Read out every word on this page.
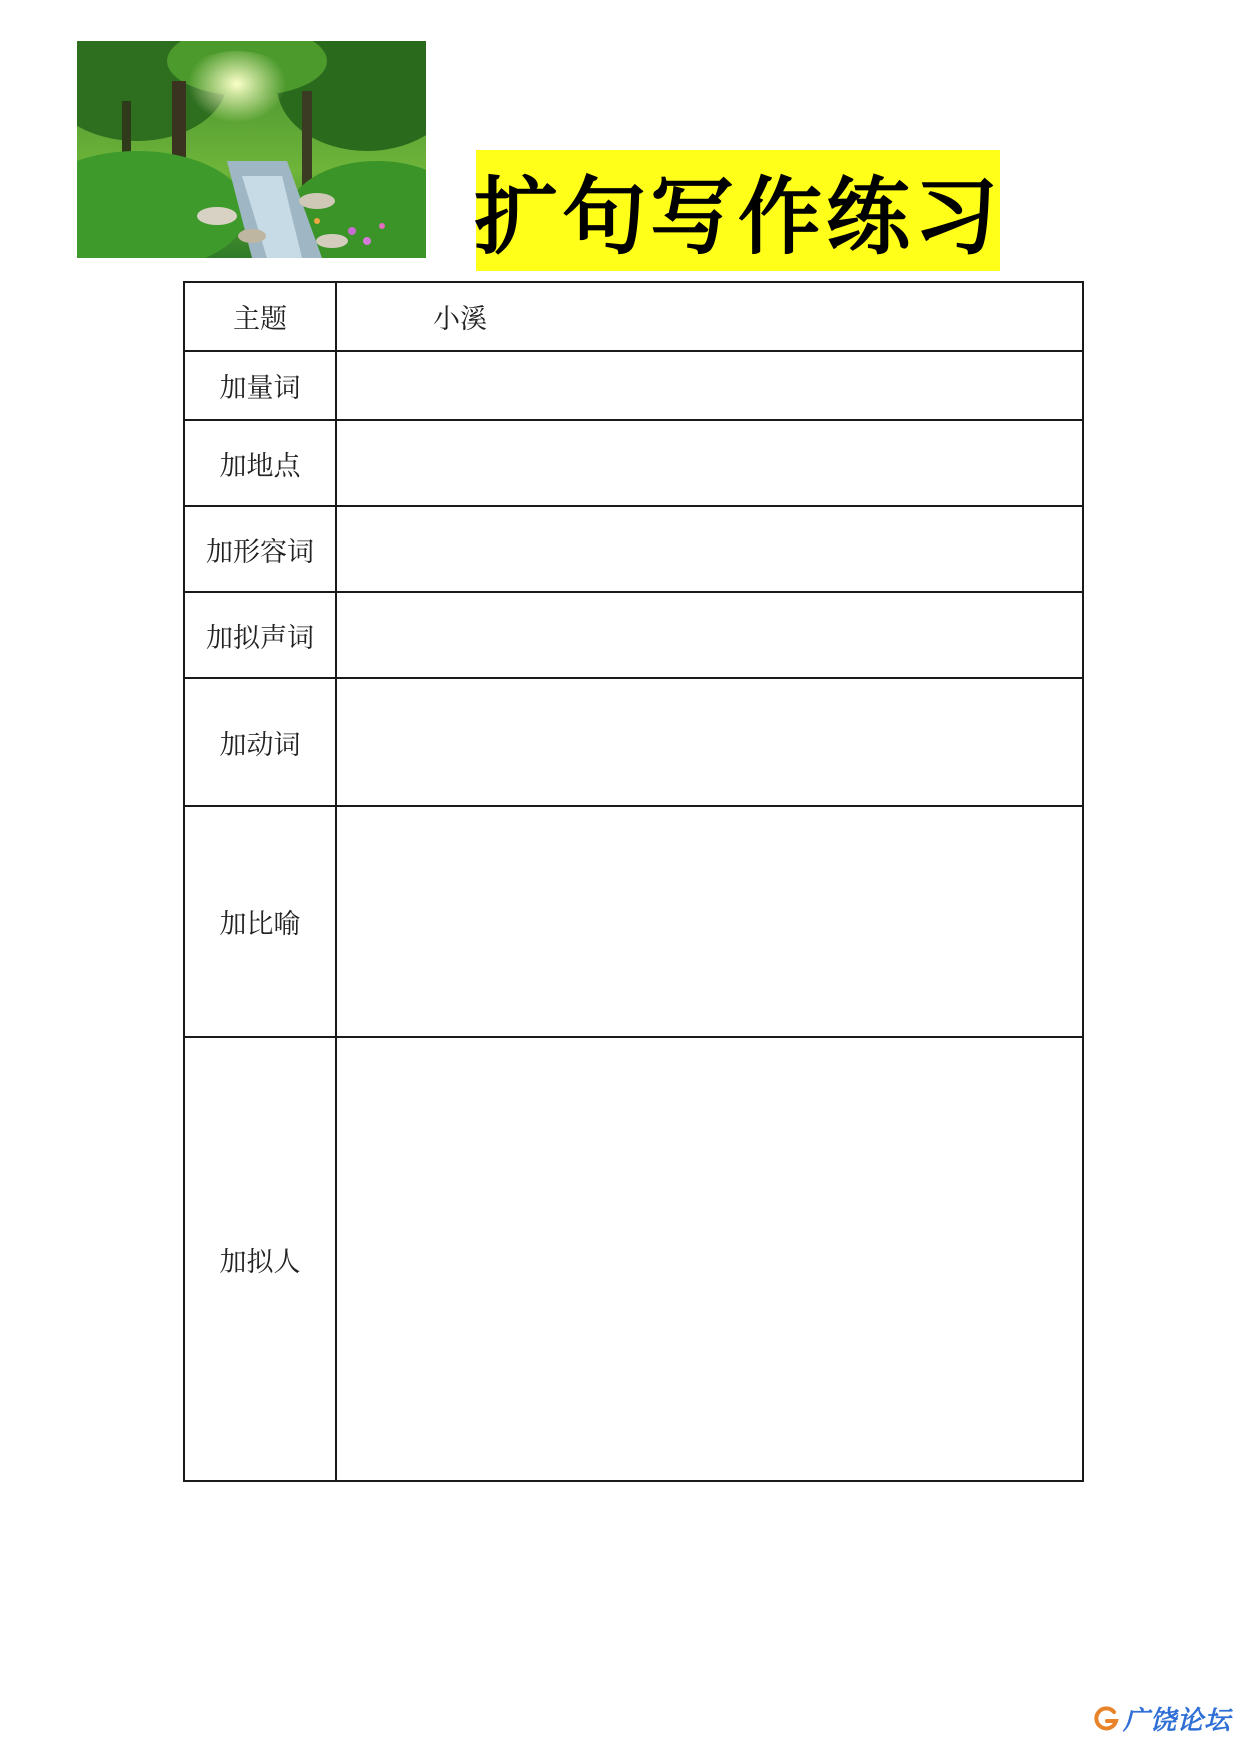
扩句写作练习
主题	小溪
加量词	
加地点	
加形容词	
加拟声词	
加动词	
加比喻	
加拟人	
广饶论坛
